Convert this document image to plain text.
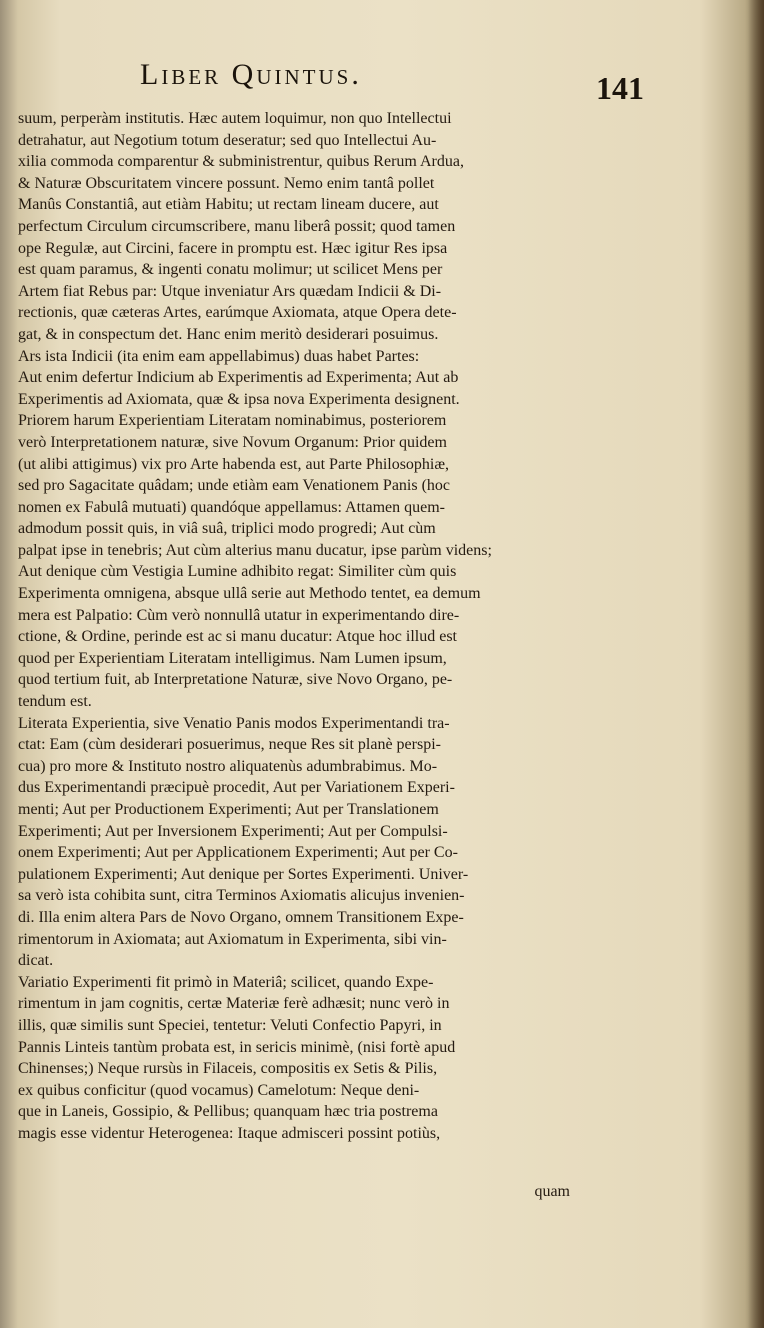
Liber Quintus.	141
suum, perperàm institutis. Hæc autem loquimur, non quo Intellectui
detrahatur, aut Negotium totum deseratur; sed quo Intellectui Au-
xilia commoda comparentur & subministrentur, quibus Rerum Ardua,
& Naturæ Obscuritatem vincere possunt. Nemo enim tantâ pollet
Manûs Constantiâ, aut etiàm Habitu; ut rectam lineam ducere, aut
perfectum Circulum circumscribere, manu liberâ possit; quod tamen
ope Regulæ, aut Circini, facere in promptu est. Hæc igitur Res ipsa
est quam paramus, & ingenti conatu molimur; ut scilicet Mens per
Artem fiat Rebus par: Utque inveniatur Ars quædam Indicii & Di-
rectionis, quæ cæteras Artes, earúmque Axiomata, atque Opera dete-
gat, & in conspectum det. Hanc enim meritò desiderari posuimus.
Ars ista Indicii (ita enim eam appellabimus) duas habet Partes:
Aut enim defertur Indicium ab Experimentis ad Experimenta; Aut ab
Experimentis ad Axiomata, quæ & ipsa nova Experimenta designent.
Priorem harum Experientiam Literatam nominabimus, posteriorem
verò Interpretationem naturæ, sive Novum Organum: Prior quidem
(ut alibi attigimus) vix pro Arte habenda est, aut Parte Philosophiæ,
sed pro Sagacitate quâdam; unde etiàm eam Venationem Panis (hoc
nomen ex Fabulâ mutuati) quandóque appellamus: Attamen quem-
admodum possit quis, in viâ suâ, triplici modo progredi; Aut cùm
palpat ipse in tenebris; Aut cùm alterius manu ducatur, ipse parùm videns;
Aut denique cùm Vestigia Lumine adhibito regat: Similiter cùm quis
Experimenta omnigena, absque ullâ serie aut Methodo tentet, ea demum
mera est Palpatio: Cùm verò nonnullâ utatur in experimentando dire-
ctione, & Ordine, perinde est ac si manu ducatur: Atque hoc illud est
quod per Experientiam Literatam intelligimus. Nam Lumen ipsum,
quod tertium fuit, ab Interpretatione Naturæ, sive Novo Organo, pe-
tendum est.
Literata Experientia, sive Venatio Panis modos Experimentandi tra-
ctat: Eam (cùm desiderari posuerimus, neque Res sit planè perspi-
cua) pro more & Instituto nostro aliquatenùs adumbrabimus. Mo-
dus Experimentandi præcipuè procedit, Aut per Variationem Experi-
menti; Aut per Productionem Experimenti; Aut per Translationem
Experimenti; Aut per Inversionem Experimenti; Aut per Compulsi-
onem Experimenti; Aut per Applicationem Experimenti; Aut per Co-
pulationem Experimenti; Aut denique per Sortes Experimenti. Univer-
sa verò ista cohibita sunt, citra Terminos Axiomatis alicujus invenien-
di. Illa enim altera Pars de Novo Organo, omnem Transitionem Expe-
rimentorum in Axiomata; aut Axiomatum in Experimenta, sibi vin-
dicat.
Variatio Experimenti fit primò in Materiâ; scilicet, quando Expe-
rimentum in jam cognitis, certæ Materiæ ferè adhæsit; nunc verò in
illis, quæ similis sunt Speciei, tentetur: Veluti Confectio Papyri, in
Pannis Linteis tantùm probata est, in sericis minimè, (nisi fortè apud
Chinenses;) Neque rursùs in Filaceis, compositis ex Setis & Pilis,
ex quibus conficitur (quod vocamus) Camelotum: Neque deni-
que in Laneis, Gossipio, & Pellibus; quanquam hæc tria postrema
magis esse videntur Heterogenea: Itaque admisceri possint potiùs,
quam
